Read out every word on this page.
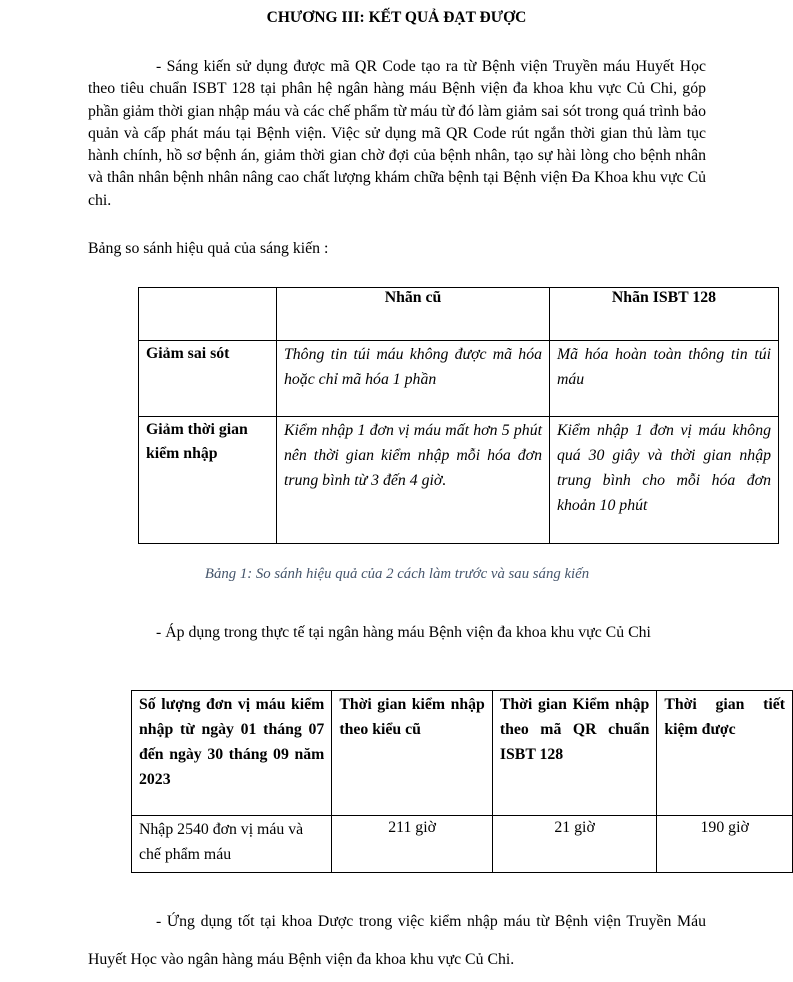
CHƯƠNG III: KẾT QUẢ ĐẠT ĐƯỢC

- Sáng kiến sử dụng được mã QR Code tạo ra từ Bệnh viện Truyền máu Huyết Học theo tiêu chuẩn ISBT 128 tại phân hệ ngân hàng máu Bệnh viện đa khoa khu vực Củ Chi, góp phần giảm thời gian nhập máu và các chế phẩm từ máu từ đó làm giảm sai sót trong quá trình bảo quản và cấp phát máu tại Bệnh viện. Việc sử dụng mã QR Code rút ngắn thời gian thủ làm tục hành chính, hồ sơ bệnh án, giảm thời gian chờ đợi của bệnh nhân, tạo sự hài lòng cho bệnh nhân và thân nhân bệnh nhân nâng cao chất lượng khám chữa bệnh tại Bệnh viện Đa Khoa khu vực Củ chi.

Bảng so sánh hiệu quả của sáng kiến :

	Nhãn cũ	Nhãn ISBT 128
Giảm sai sót	Thông tin túi máu không được mã hóa hoặc chỉ mã hóa 1 phần	Mã hóa hoàn toàn thông tin túi máu
Giảm thời gian kiểm nhập	Kiểm nhập 1 đơn vị máu mất hơn 5 phút nên thời gian kiểm nhập mỗi hóa đơn trung bình từ 3 đến 4 giờ.	Kiểm nhập 1 đơn vị máu không quá 30 giây và thời gian nhập trung bình cho mỗi hóa đơn khoản 10 phút
Bảng 1: So sánh hiệu quả của 2 cách làm trước và sau sáng kiến

- Áp dụng trong thực tế tại ngân hàng máu Bệnh viện đa khoa khu vực Củ Chi

Số lượng đơn vị máu kiểm nhập từ ngày 01 tháng 07 đến ngày 30 tháng 09 năm 2023	Thời gian kiểm nhập theo kiểu cũ	Thời gian Kiểm nhập theo mã QR chuẩn ISBT 128	Thời gian tiết kiệm được
Nhập 2540 đơn vị máu và chế phẩm máu	211 giờ	21 giờ	190 giờ

- Ứng dụng tốt tại khoa Dược trong việc kiểm nhập máu từ Bệnh viện Truyền Máu Huyết Học vào ngân hàng máu Bệnh viện đa khoa khu vực Củ Chi.
